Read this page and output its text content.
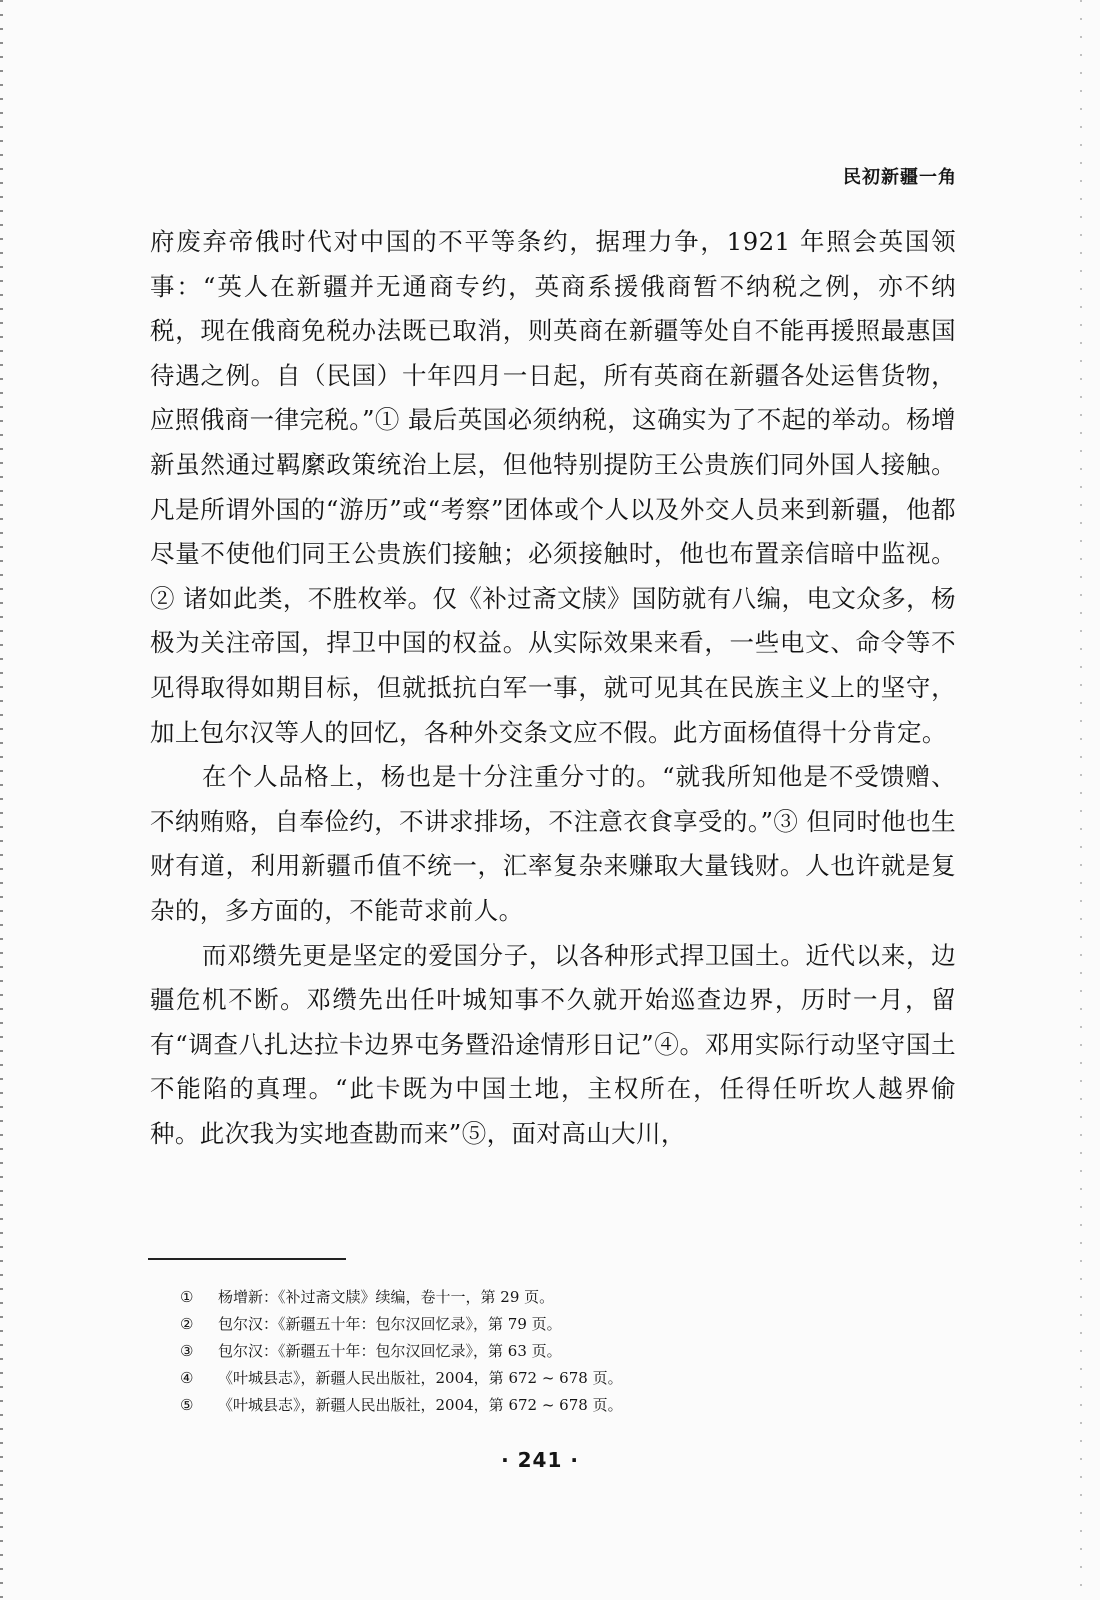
民初新疆一角

府废弃帝俄时代对中国的不平等条约，据理力争，1921 年照会英国领事：“英人在新疆并无通商专约，英商系援俄商暂不纳税之例，亦不纳税，现在俄商免税办法既已取消，则英商在新疆等处自不能再援照最惠国待遇之例。自（民国）十年四月一日起，所有英商在新疆各处运售货物，应照俄商一律完税。”① 最后英国必须纳税，这确实为了不起的举动。杨增新虽然通过羁縻政策统治上层，但他特别提防王公贵族们同外国人接触。凡是所谓外国的“游历”或“考察”团体或个人以及外交人员来到新疆，他都尽量不使他们同王公贵族们接触；必须接触时，他也布置亲信暗中监视。② 诸如此类，不胜枚举。仅《补过斋文牍》国防就有八编，电文众多，杨极为关注帝国，捍卫中国的权益。从实际效果来看，一些电文、命令等不见得取得如期目标，但就抵抗白军一事，就可见其在民族主义上的坚守，加上包尔汉等人的回忆，各种外交条文应不假。此方面杨值得十分肯定。

在个人品格上，杨也是十分注重分寸的。“就我所知他是不受馈赠、不纳贿赂，自奉俭约，不讲求排场，不注意衣食享受的。”③ 但同时他也生财有道，利用新疆币值不统一，汇率复杂来赚取大量钱财。人也许就是复杂的，多方面的，不能苛求前人。

而邓缵先更是坚定的爱国分子，以各种形式捍卫国土。近代以来，边疆危机不断。邓缵先出任叶城知事不久就开始巡查边界，历时一月，留有“调查八扎达拉卡边界屯务暨沿途情形日记”④。邓用实际行动坚守国土不能陷的真理。“此卡既为中国土地，主权所在，任得任听坎人越界偷种。此次我为实地查勘而来”⑤，面对高山大川，

① 杨增新：《补过斋文牍》续编，卷十一，第 29 页。
② 包尔汉：《新疆五十年：包尔汉回忆录》，第 79 页。
③ 包尔汉：《新疆五十年：包尔汉回忆录》，第 63 页。
④ 《叶城县志》，新疆人民出版社，2004，第 672 ~ 678 页。
⑤ 《叶城县志》，新疆人民出版社，2004，第 672 ~ 678 页。
· 241 ·
